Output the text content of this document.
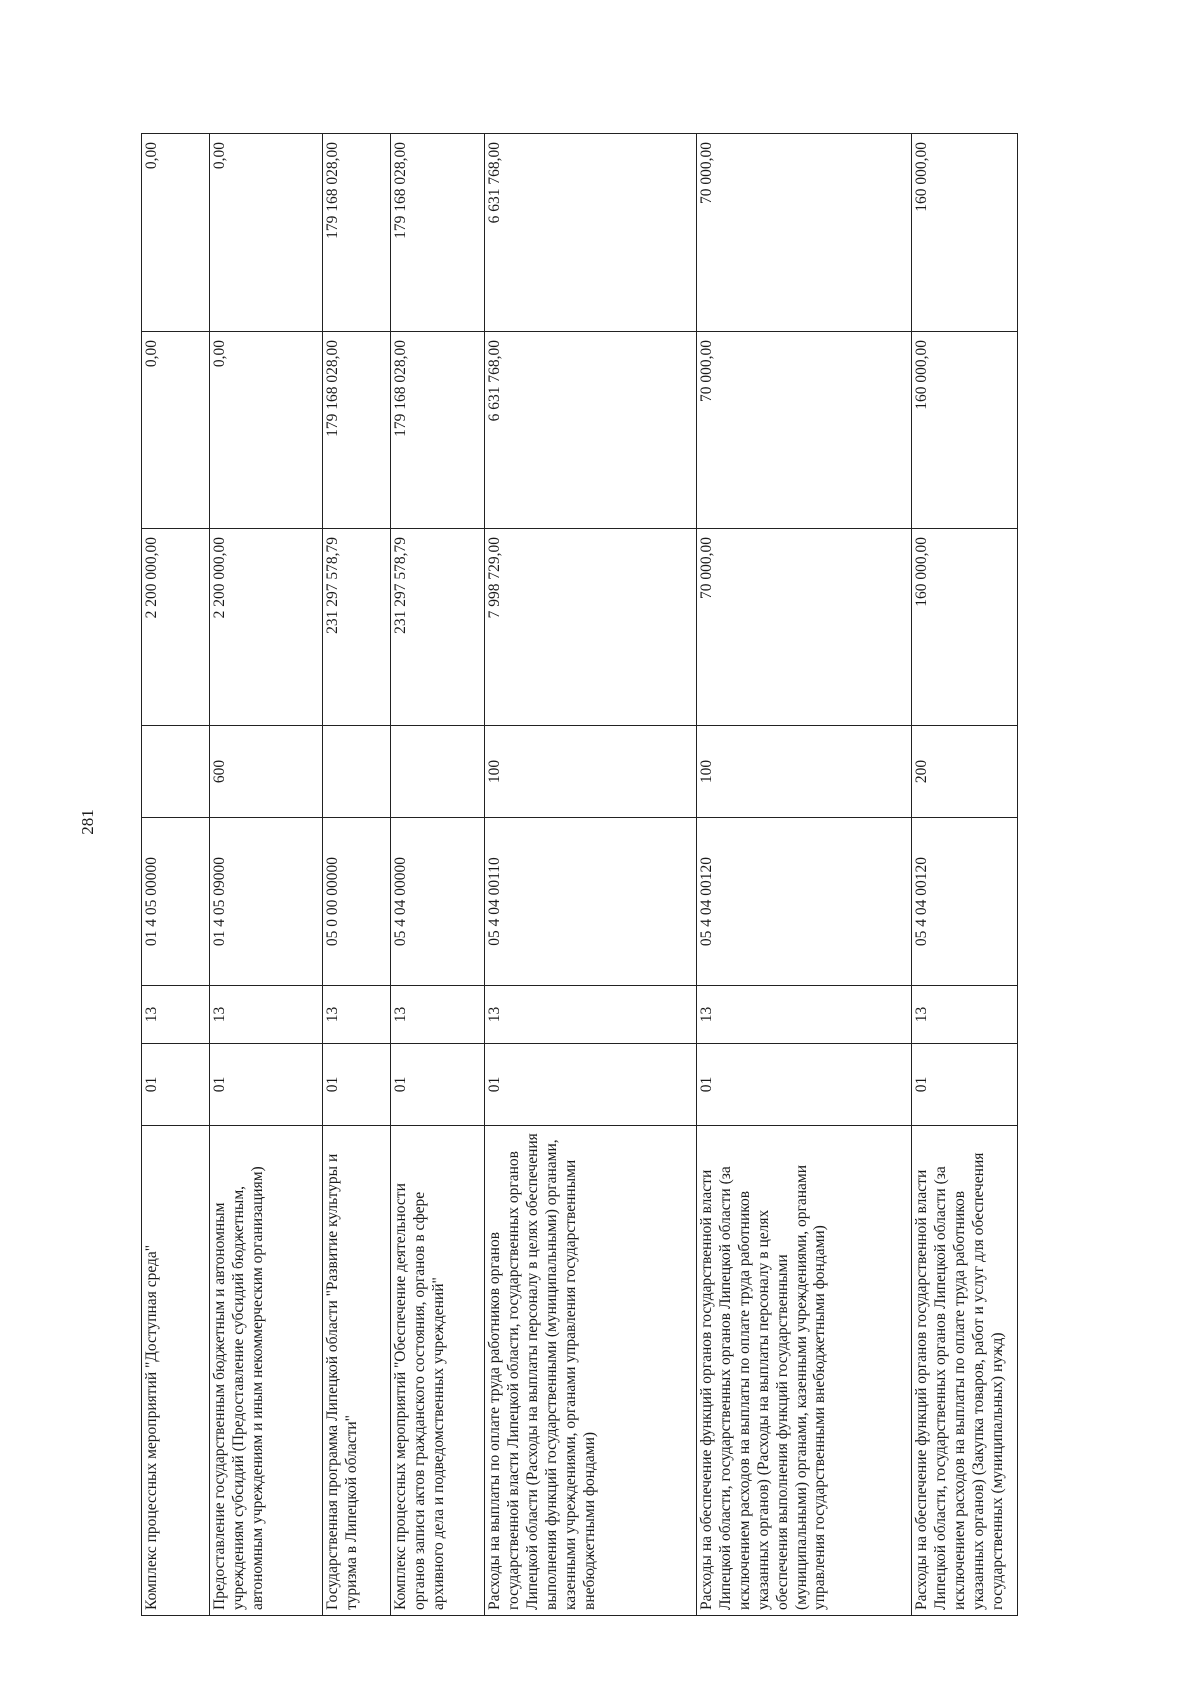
281
Комплекс процессных мероприятий "Доступная среда"	01	13	01 4 05 00000		2 200 000,00	0,00	0,00
Предоставление государственным бюджетным и автономным учреждениям субсидий (Предоставление субсидий бюджетным, автономным учреждениям и иным некоммерческим организациям)	01	13	01 4 05 09000	600	2 200 000,00	0,00	0,00
Государственная программа Липецкой области "Развитие культуры и туризма в Липецкой области"	01	13	05 0 00 00000		231 297 578,79	179 168 028,00	179 168 028,00
Комплекс процессных мероприятий "Обеспечение деятельности органов записи актов гражданского состояния, органов в сфере архивного дела и подведомственных учреждений"	01	13	05 4 04 00000		231 297 578,79	179 168 028,00	179 168 028,00
Расходы на выплаты по оплате труда работников органов государственной власти Липецкой области, государственных органов Липецкой области (Расходы на выплаты персоналу в целях обеспечения выполнения функций государственными (муниципальными) органами, казенными учреждениями, органами управления государственными внебюджетными фондами)	01	13	05 4 04 00110	100	7 998 729,00	6 631 768,00	6 631 768,00
Расходы на обеспечение функций органов государственной власти Липецкой области, государственных органов Липецкой области (за исключением расходов на выплаты по оплате труда работников указанных органов) (Расходы на выплаты персоналу в целях обеспечения выполнения функций государственными (муниципальными) органами, казенными учреждениями, органами управления государственными внебюджетными фондами)	01	13	05 4 04 00120	100	70 000,00	70 000,00	70 000,00
Расходы на обеспечение функций органов государственной власти Липецкой области, государственных органов Липецкой области (за исключением расходов на выплаты по оплате труда работников указанных органов) (Закупка товаров, работ и услуг для обеспечения государственных (муниципальных) нужд)	01	13	05 4 04 00120	200	160 000,00	160 000,00	160 000,00
